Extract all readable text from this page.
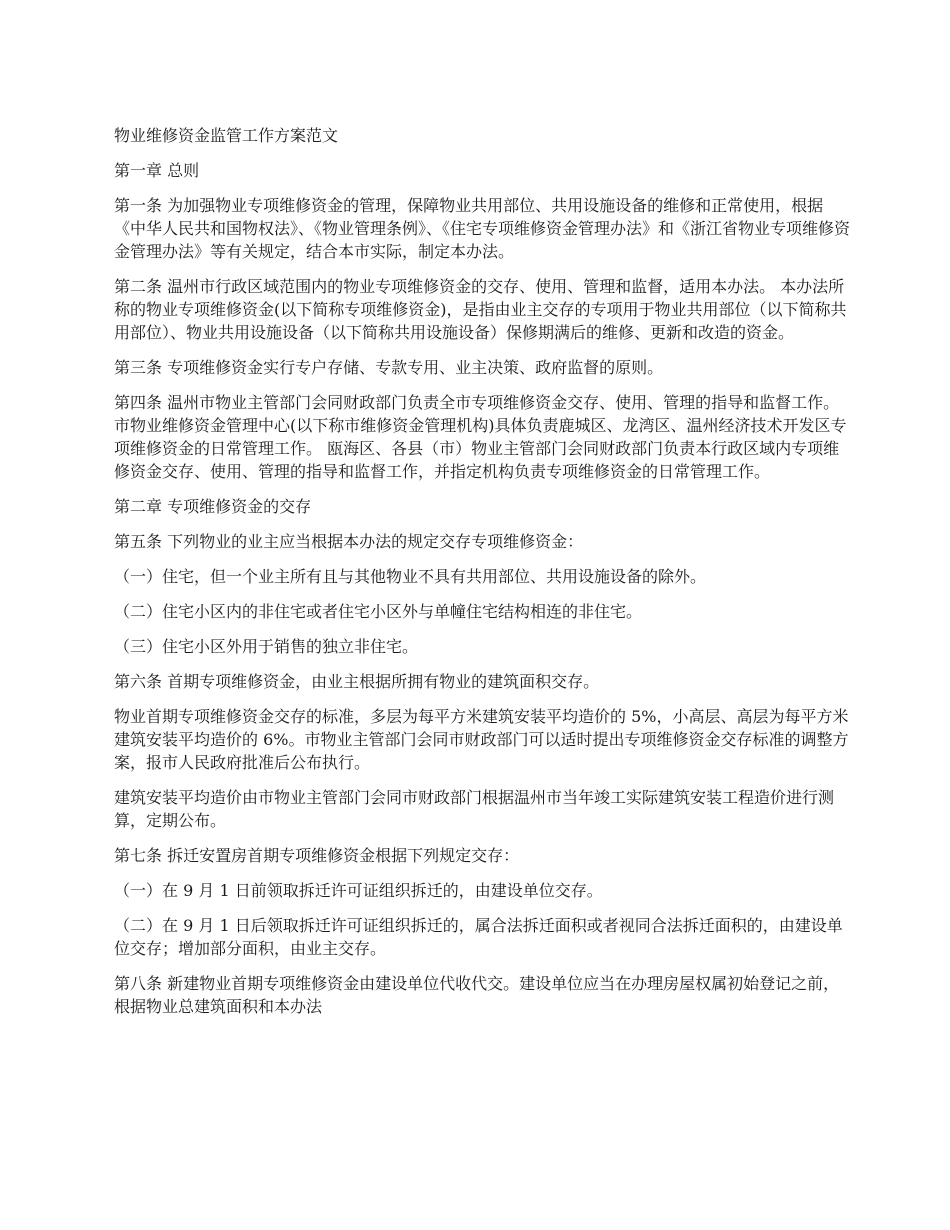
物业维修资金监管工作方案范文

第一章 总则

第一条 为加强物业专项维修资金的管理，保障物业共用部位、共用设施设备的维修和正常使用，根据《中华人民共和国物权法》、《物业管理条例》、《住宅专项维修资金管理办法》和《浙江省物业专项维修资金管理办法》等有关规定，结合本市实际，制定本办法。

第二条 温州市行政区域范围内的物业专项维修资金的交存、使用、管理和监督，适用本办法。 本办法所称的物业专项维修资金(以下简称专项维修资金)，是指由业主交存的专项用于物业共用部位（以下简称共用部位）、物业共用设施设备（以下简称共用设施设备）保修期满后的维修、更新和改造的资金。

第三条 专项维修资金实行专户存储、专款专用、业主决策、政府监督的原则。

第四条 温州市物业主管部门会同财政部门负责全市专项维修资金交存、使用、管理的指导和监督工作。市物业维修资金管理中心(以下称市维修资金管理机构)具体负责鹿城区、龙湾区、温州经济技术开发区专项维修资金的日常管理工作。 瓯海区、各县（市）物业主管部门会同财政部门负责本行政区域内专项维修资金交存、使用、管理的指导和监督工作，并指定机构负责专项维修资金的日常管理工作。

第二章 专项维修资金的交存

第五条 下列物业的业主应当根据本办法的规定交存专项维修资金：

（一）住宅，但一个业主所有且与其他物业不具有共用部位、共用设施设备的除外。

（二）住宅小区内的非住宅或者住宅小区外与单幢住宅结构相连的非住宅。

（三）住宅小区外用于销售的独立非住宅。

第六条 首期专项维修资金，由业主根据所拥有物业的建筑面积交存。

物业首期专项维修资金交存的标准，多层为每平方米建筑安装平均造价的 5%，小高层、高层为每平方米建筑安装平均造价的 6%。市物业主管部门会同市财政部门可以适时提出专项维修资金交存标准的调整方案，报市人民政府批准后公布执行。

建筑安装平均造价由市物业主管部门会同市财政部门根据温州市当年竣工实际建筑安装工程造价进行测算，定期公布。

第七条 拆迁安置房首期专项维修资金根据下列规定交存：

（一）在 9 月 1 日前领取拆迁许可证组织拆迁的，由建设单位交存。

（二）在 9 月 1 日后领取拆迁许可证组织拆迁的，属合法拆迁面积或者视同合法拆迁面积的，由建设单位交存；增加部分面积，由业主交存。

第八条 新建物业首期专项维修资金由建设单位代收代交。建设单位应当在办理房屋权属初始登记之前，根据物业总建筑面积和本办法
